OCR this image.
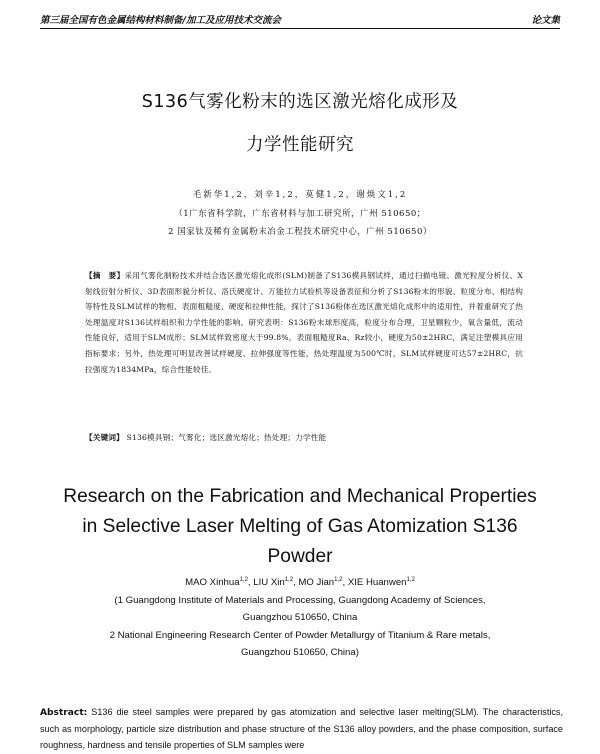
第三届全国有色金属结构材料制备/加工及应用技术交流会	论文集
S136气雾化粉末的选区激光熔化成形及
力学性能研究
毛新华1,2，刘辛1,2，莫健1,2，谢焕文1,2
（1广东省科学院，广东省材料与加工研究所，广州 510650；
2 国家钛及稀有金属粉末冶金工程技术研究中心，广州 510650）
【摘　要】采用气雾化制粉技术并结合选区激光熔化成形(SLM)制备了S136模具钢试样，通过扫描电镜、激光粒度分析仪、X射线衍射分析仪、3D表面形貌分析仪、洛氏硬度计、万能拉力试验机等设备表征和分析了S136粉末的形貌、粒度分布、相结构等特性及SLM试样的物相、表面粗糙度、硬度和拉伸性能，探讨了S136粉体在选区激光熔化成形中的适用性，并着重研究了热处理温度对S136试样组织和力学性能的影响。研究表明：S136粉末球形度高，粒度分布合理，卫星颗粒少，氧含量低，流动性能良好，适用于SLM成形；SLM试样致密度大于99.8%，表面粗糙度Ra、Rz较小，硬度为50±2HRC，满足注塑模具应用指标要求；另外，热处理可明显改善试样硬度、拉伸强度等性能，热处理温度为500℃时，SLM试样硬度可达57±2HRC，抗拉强度为1834MPa，综合性能较佳。
【关键词】 S136模具钢；气雾化；选区激光熔化；热处理；力学性能
Research on the Fabrication and Mechanical Properties
in Selective Laser Melting of Gas Atomization S136
Powder
MAO Xinhua$^{1,2}$, LIU Xin$^{1,2}$, MO Jian$^{1,2}$, XIE Huanwen$^{1,2}$
(1 Guangdong Institute of Materials and Processing, Guangdong Academy of Sciences,
Guangzhou 510650, China
2 National Engineering Research Center of Powder Metallurgy of Titanium & Rare metals,
Guangzhou 510650, China)
Abstract: S136 die steel samples were prepared by gas atomization and selective laser melting(SLM). The characteristics, such as morphology, particle size distribution and phase structure of the S136 alloy powders, and the phase composition, surface roughness, hardness and tensile properties of SLM samples were
